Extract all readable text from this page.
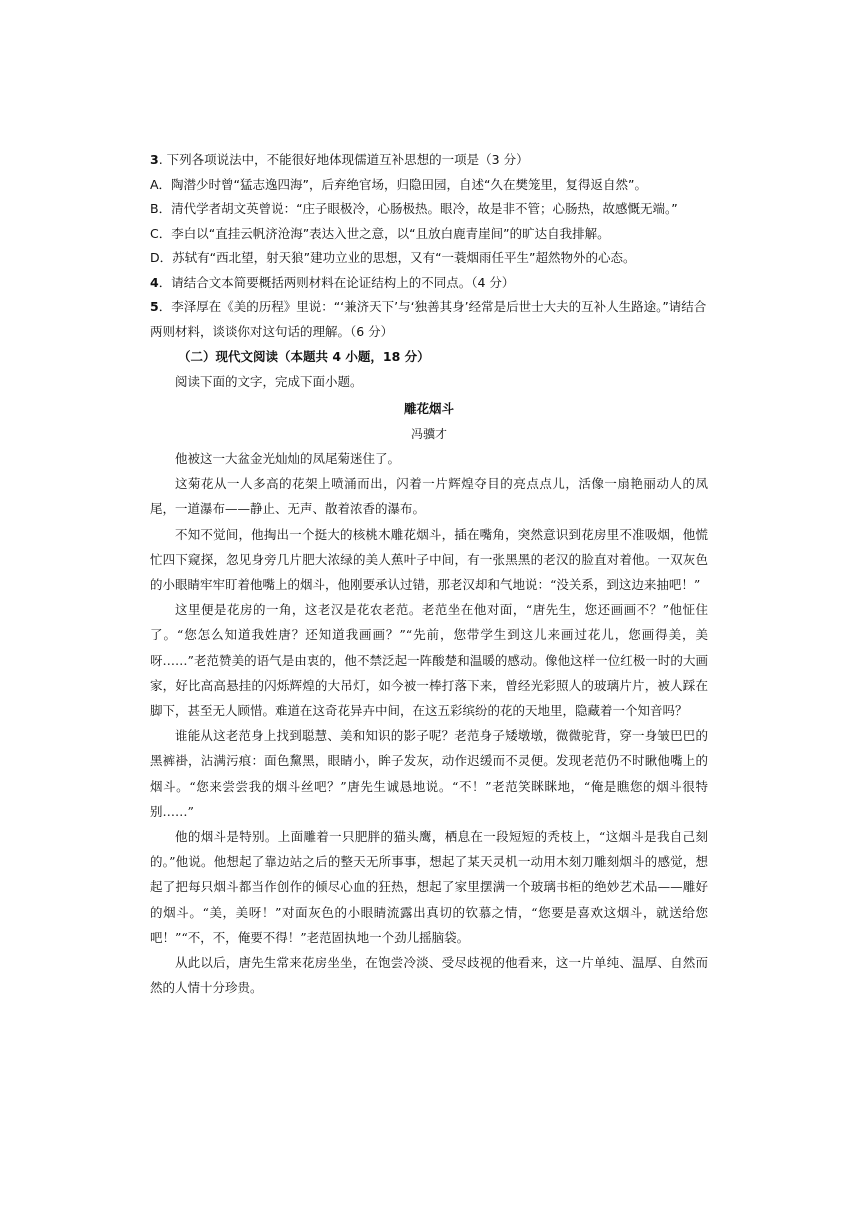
3. 下列各项说法中，不能很好地体现儒道互补思想的一项是（3 分）

A．陶潜少时曾“猛志逸四海”，后弃绝官场，归隐田园，自述“久在樊笼里，复得返自然”。

B．清代学者胡文英曾说：“庄子眼极冷，心肠极热。眼冷，故是非不管；心肠热，故感慨无端。”

C．李白以“直挂云帆济沧海”表达入世之意，以“且放白鹿青崖间”的旷达自我排解。

D．苏轼有“西北望，射天狼”建功立业的思想，又有“一蓑烟雨任平生”超然物外的心态。

4．请结合文本简要概括两则材料在论证结构上的不同点。（4 分）

5．李泽厚在《美的历程》里说：“‘兼济天下’与‘独善其身’经常是后世士大夫的互补人生路途。”请结合两则材料，谈谈你对这句话的理解。（6 分）

（二）现代文阅读（本题共 4 小题，18 分）

阅读下面的文字，完成下面小题。

雕花烟斗

冯骥才

他被这一大盆金光灿灿的凤尾菊迷住了。

这菊花从一人多高的花架上喷涌而出，闪着一片辉煌夺目的亮点点儿，活像一扇艳丽动人的凤尾，一道瀑布——静止、无声、散着浓香的瀑布。

不知不觉间，他掏出一个挺大的核桃木雕花烟斗，插在嘴角，突然意识到花房里不准吸烟，他慌忙四下窥探，忽见身旁几片肥大浓绿的美人蕉叶子中间，有一张黑黑的老汉的脸直对着他。一双灰色的小眼睛牢牢盯着他嘴上的烟斗，他刚要承认过错，那老汉却和气地说：“没关系，到这边来抽吧！”

这里便是花房的一角，这老汉是花农老范。老范坐在他对面，“唐先生，您还画画不？”他怔住了。“您怎么知道我姓唐？还知道我画画？”“先前，您带学生到这儿来画过花儿，您画得美，美呀……”老范赞美的语气是由衷的，他不禁泛起一阵酸楚和温暖的感动。像他这样一位红极一时的大画家，好比高高悬挂的闪烁辉煌的大吊灯，如今被一棒打落下来，曾经光彩照人的玻璃片片，被人踩在脚下，甚至无人顾惜。难道在这奇花异卉中间，在这五彩缤纷的花的天地里，隐藏着一个知音吗？

谁能从这老范身上找到聪慧、美和知识的影子呢？老范身子矮墩墩，微微驼背，穿一身皱巴巴的黑裤褂，沾满污痕：面色黧黑，眼睛小，眸子发灰，动作迟缓而不灵便。发现老范仍不时瞅他嘴上的烟斗。“您来尝尝我的烟斗丝吧？”唐先生诚恳地说。“不！”老范笑眯眯地，“俺是瞧您的烟斗很特别……”

他的烟斗是特别。上面雕着一只肥胖的猫头鹰，栖息在一段短短的秃枝上，“这烟斗是我自己刻的。”他说。他想起了靠边站之后的整天无所事事，想起了某天灵机一动用木刻刀雕刻烟斗的感觉，想起了把每只烟斗都当作创作的倾尽心血的狂热，想起了家里摆满一个玻璃书柜的绝妙艺术品——雕好的烟斗。“美，美呀！”对面灰色的小眼睛流露出真切的钦慕之情，“您要是喜欢这烟斗，就送给您吧！”“不，不，俺要不得！”老范固执地一个劲儿摇脑袋。

从此以后，唐先生常来花房坐坐，在饱尝冷淡、受尽歧视的他看来，这一片单纯、温厚、自然而然的人情十分珍贵。
